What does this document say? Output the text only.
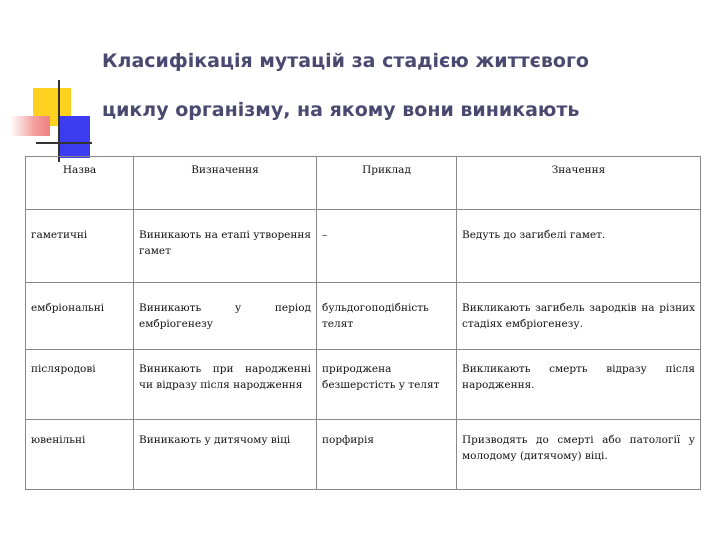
Класифікація мутацій за стадією життєвого
циклу організму, на якому вони виникають
Назва	Визначення	Приклад	Значення
гаметичні	Виникають на етапі утворення гамет	–	Ведуть до загибелі гамет.
ембріональні	Виникають у період ембріогенезу	бульдогоподібність телят	Викликають загибель зародків на різних стадіях ембріогенезу.
післяродові	Виникають при народженні чи відразу після народження	природжена безшерстість у телят	Викликають смерть відразу після народження.
ювенільні	Виникають у дитячому віці	порфирія	Призводять до смерті або патології у молодому (дитячому) віці.
